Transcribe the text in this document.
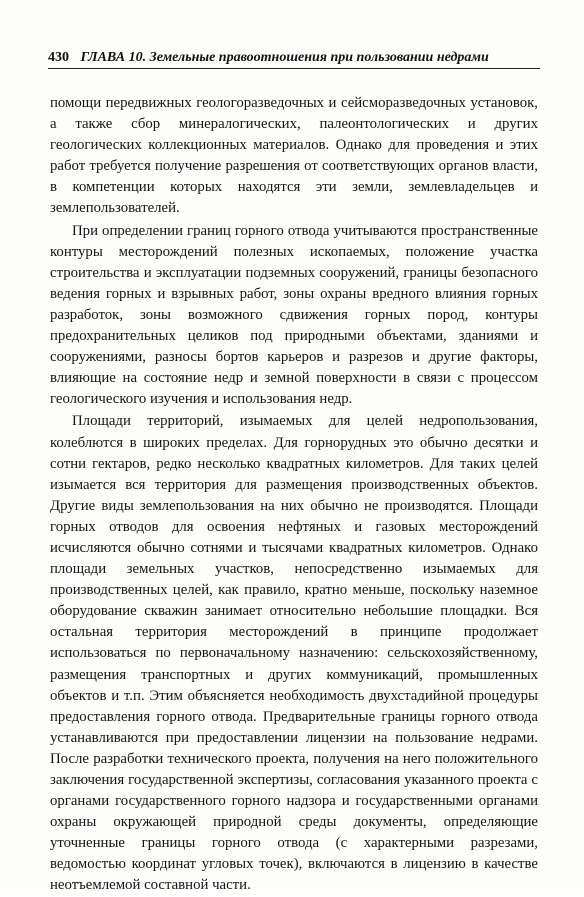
430 ГЛАВА 10. Земельные правоотношения при пользовании недрами

помощи передвижных геологоразведочных и сейсморазведочных установок, а также сбор минералогических, палеонтологических и других геологических коллекционных материалов. Однако для проведения и этих работ требуется получение разрешения от соответствующих органов власти, в компетенции которых находятся эти земли, землевладельцев и землепользователей.

При определении границ горного отвода учитываются пространственные контуры месторождений полезных ископаемых, положение участка строительства и эксплуатации подземных сооружений, границы безопасного ведения горных и взрывных работ, зоны охраны вредного влияния горных разработок, зоны возможного сдвижения горных пород, контуры предохранительных целиков под природными объектами, зданиями и сооружениями, разносы бортов карьеров и разрезов и другие факторы, влияющие на состояние недр и земной поверхности в связи с процессом геологического изучения и использования недр.

Площади территорий, изымаемых для целей недропользования, колеблются в широких пределах. Для горнорудных это обычно десятки и сотни гектаров, редко несколько квадратных километров. Для таких целей изымается вся территория для размещения производственных объектов. Другие виды землепользования на них обычно не производятся. Площади горных отводов для освоения нефтяных и газовых месторождений исчисляются обычно сотнями и тысячами квадратных километров. Однако площади земельных участков, непосредственно изымаемых для производственных целей, как правило, кратно меньше, поскольку наземное оборудование скважин занимает относительно небольшие площадки. Вся остальная территория месторождений в принципе продолжает использоваться по первоначальному назначению: сельскохозяйственному, размещения транспортных и других коммуникаций, промышленных объектов и т.п. Этим объясняется необходимость двухстадийной процедуры предоставления горного отвода. Предварительные границы горного отвода устанавливаются при предоставлении лицензии на пользование недрами. После разработки технического проекта, получения на него положительного заключения государственной экспертизы, согласования указанного проекта с органами государственного горного надзора и государственными органами охраны окружающей природной среды документы, определяющие уточненные границы горного отвода (с характерными разрезами, ведомостью координат угловых точек), включаются в лицензию в качестве неотъемлемой составной части.
